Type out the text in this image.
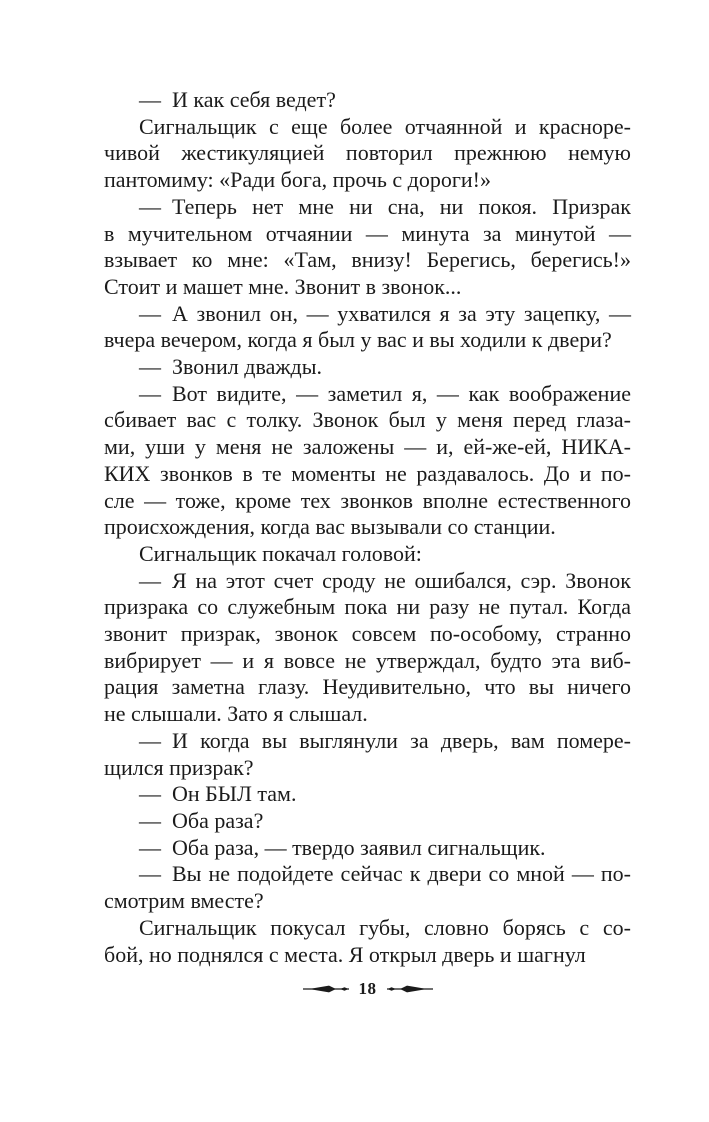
— И как себя ведет?
Сигнальщик с еще более отчаянной и красноре-
чивой жестикуляцией повторил прежнюю немую
пантомиму: «Ради бога, прочь с дороги!»
— Теперь нет мне ни сна, ни покоя. Призрак
в мучительном отчаянии — минута за минутой —
взывает ко мне: «Там, внизу! Берегись, берегись!»
Стоит и машет мне. Звонит в звонок...
— А звонил он, — ухватился я за эту зацепку, —
вчера вечером, когда я был у вас и вы ходили к двери?
— Звонил дважды.
— Вот видите, — заметил я, — как воображение
сбивает вас с толку. Звонок был у меня перед глаза-
ми, уши у меня не заложены — и, ей-же-ей, НИКА-
КИХ звонков в те моменты не раздавалось. До и по-
сле — тоже, кроме тех звонков вполне естественного
происхождения, когда вас вызывали со станции.
Сигнальщик покачал головой:
— Я на этот счет сроду не ошибался, сэр. Звонок
призрака со служебным пока ни разу не путал. Когда
звонит призрак, звонок совсем по-особому, странно
вибрирует — и я вовсе не утверждал, будто эта виб-
рация заметна глазу. Неудивительно, что вы ничего
не слышали. Зато я слышал.
— И когда вы выглянули за дверь, вам помере-
щился призрак?
— Он БЫЛ там.
— Оба раза?
— Оба раза, — твердо заявил сигнальщик.
— Вы не подойдете сейчас к двери со мной — по-
смотрим вместе?
Сигнальщик покусал губы, словно борясь с со-
бой, но поднялся с места. Я открыл дверь и шагнул
18
